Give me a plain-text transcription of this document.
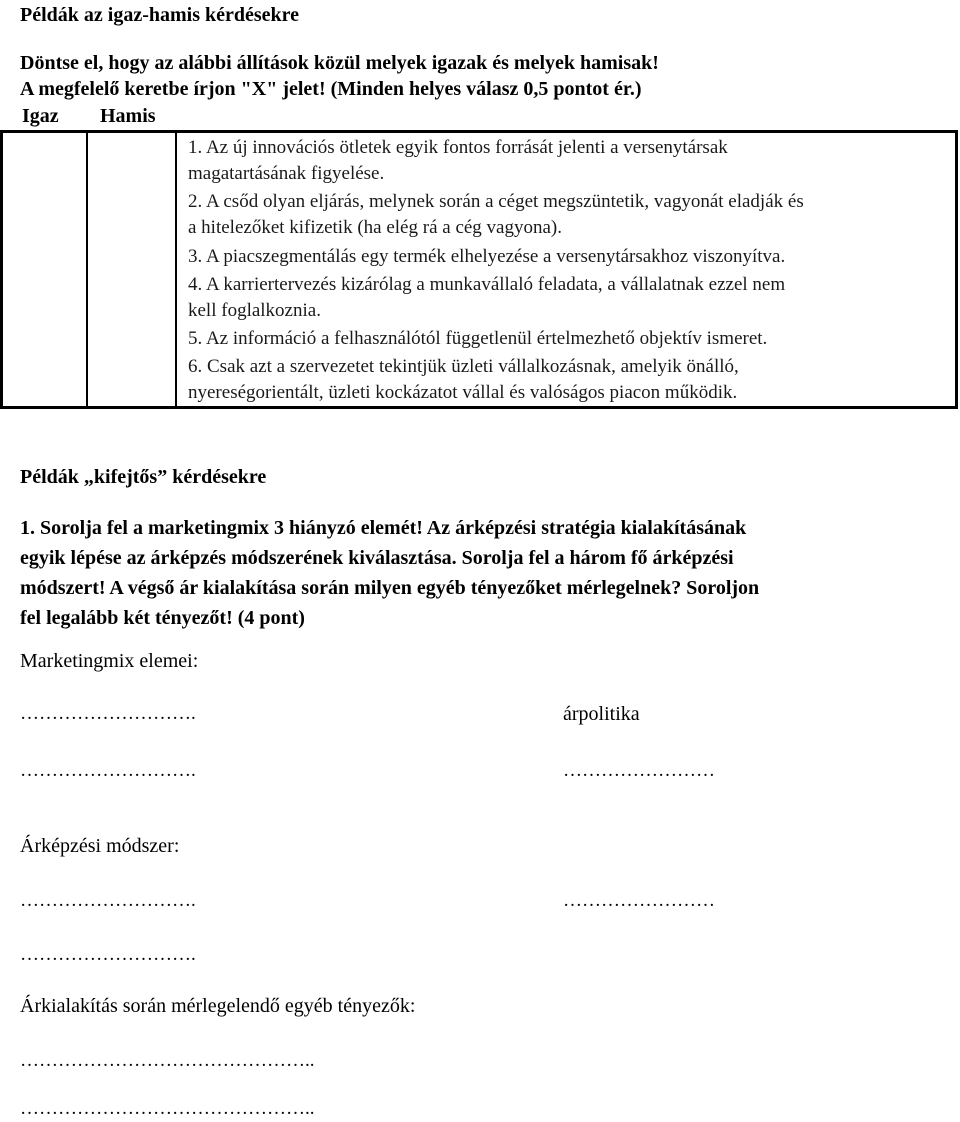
Példák az igaz-hamis kérdésekre
Döntse el, hogy az alábbi állítások közül melyek igazak és melyek hamisak!
A megfelelő keretbe írjon "X" jelet! (Minden helyes válasz 0,5 pontot ér.)
Igaz Hamis
1. Az új innovációs ötletek egyik fontos forrását jelenti a versenytársak
magatartásának figyelése.
2. A csőd olyan eljárás, melynek során a céget megszüntetik, vagyonát eladják és
a hitelezőket kifizetik (ha elég rá a cég vagyona).
3. A piacszegmentálás egy termék elhelyezése a versenytársakhoz viszonyítva.
4. A karriertervezés kizárólag a munkavállaló feladata, a vállalatnak ezzel nem
kell foglalkoznia.
5. Az információ a felhasználótól függetlenül értelmezhető objektív ismeret.
6. Csak azt a szervezetet tekintjük üzleti vállalkozásnak, amelyik önálló,
nyereségorientált, üzleti kockázatot vállal és valóságos piacon működik.
Példák „kifejtős” kérdésekre
1. Sorolja fel a marketingmix 3 hiányzó elemét! Az árképzési stratégia kialakításának
egyik lépése az árképzés módszerének kiválasztása. Sorolja fel a három fő árképzési
módszert! A végső ár kialakítása során milyen egyéb tényezőket mérlegelnek? Soroljon
fel legalább két tényezőt! (4 pont)
Marketingmix elemei:
……………………….	árpolitika
……………………….	……………………
Árképzési módszer:
……………………….	……………………
……………………….
Árkialakítás során mérlegelendő egyéb tényezők:
………………………………………..
………………………………………..
